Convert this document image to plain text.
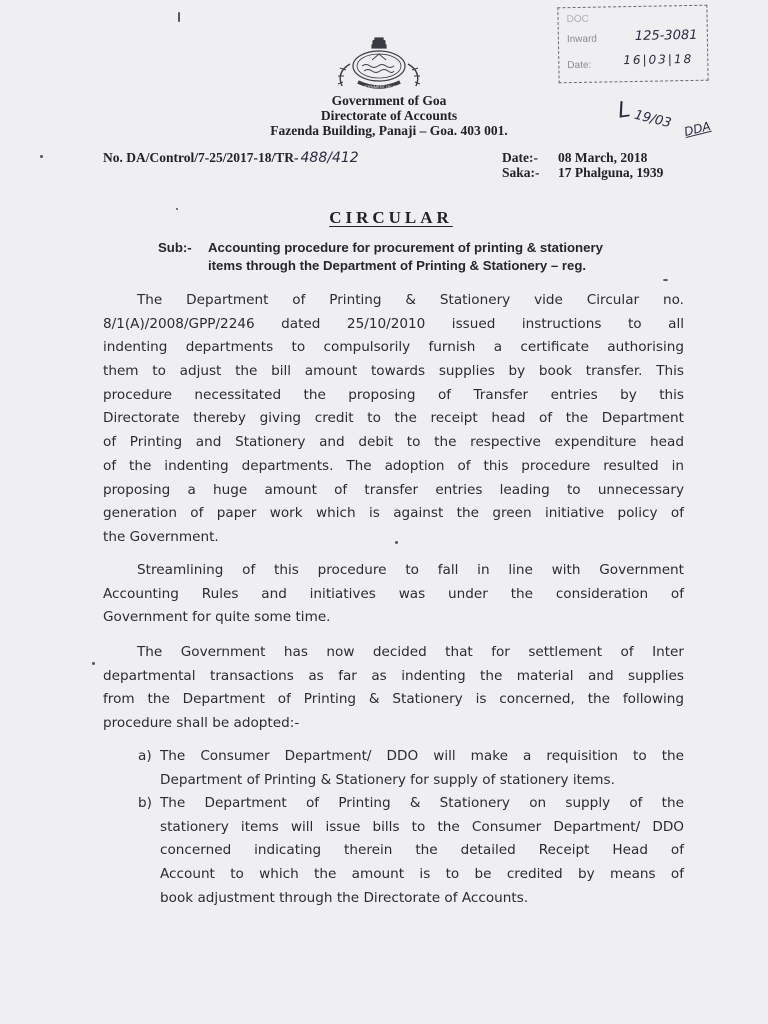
GOVERNMENT OF GOA
DOC
Inward
Date:
125-3081
16|03|18
Government of Goa
Directorate of Accounts
Fazenda Building, Panaji – Goa. 403 001.
L 19/03 DDA
No. DA/Control/7-25/2017-18/TR- 488/412	Date:- 08 March, 2018
Saka:- 17 Phalguna, 1939
CIRCULAR
Sub:- Accounting procedure for procurement of printing & stationery
items through the Department of Printing & Stationery – reg.
The Department of Printing & Stationery vide Circular no.
8/1(A)/2008/GPP/2246 dated 25/10/2010 issued instructions to all
indenting departments to compulsorily furnish a certificate authorising
them to adjust the bill amount towards supplies by book transfer. This
procedure necessitated the proposing of Transfer entries by this
Directorate thereby giving credit to the receipt head of the Department
of Printing and Stationery and debit to the respective expenditure head
of the indenting departments. The adoption of this procedure resulted in
proposing a huge amount of transfer entries leading to unnecessary
generation of paper work which is against the green initiative policy of
the Government.
Streamlining of this procedure to fall in line with Government
Accounting Rules and initiatives was under the consideration of
Government for quite some time.
The Government has now decided that for settlement of Inter
departmental transactions as far as indenting the material and supplies
from the Department of Printing & Stationery is concerned, the following
procedure shall be adopted:-
a) The Consumer Department/ DDO will make a requisition to the
Department of Printing & Stationery for supply of stationery items.
b) The Department of Printing & Stationery on supply of the
stationery items will issue bills to the Consumer Department/ DDO
concerned indicating therein the detailed Receipt Head of
Account to which the amount is to be credited by means of
book adjustment through the Directorate of Accounts.
